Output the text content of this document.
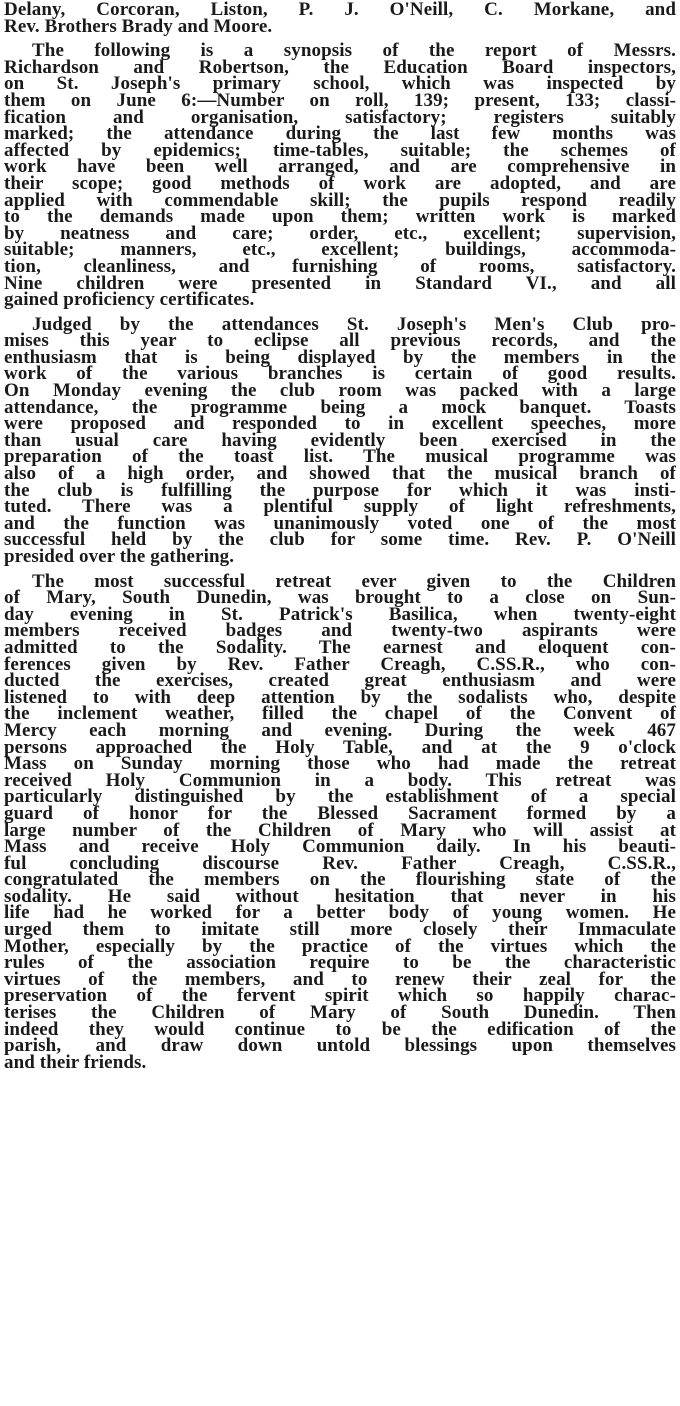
Delany, Corcoran, Liston, P. J. O'Neill, C. Morkane, and
Rev. Brothers Brady and Moore.
The following is a synopsis of the report of Messrs.
Richardson and Robertson, the Education Board inspectors,
on St. Joseph's primary school, which was inspected by
them on June 6:—Number on roll, 139; present, 133; classi-
fication and organisation, satisfactory; registers suitably
marked; the attendance during the last few months was
affected by epidemics; time-tables, suitable; the schemes of
work have been well arranged, and are comprehensive in
their scope; good methods of work are adopted, and are
applied with commendable skill; the pupils respond readily
to the demands made upon them; written work is marked
by neatness and care; order, etc., excellent; supervision,
suitable; manners, etc., excellent; buildings, accommoda-
tion, cleanliness, and furnishing of rooms, satisfactory.
Nine children were presented in Standard VI., and all
gained proficiency certificates.
Judged by the attendances St. Joseph's Men's Club pro-
mises this year to eclipse all previous records, and the
enthusiasm that is being displayed by the members in the
work of the various branches is certain of good results.
On Monday evening the club room was packed with a large
attendance, the programme being a mock banquet. Toasts
were proposed and responded to in excellent speeches, more
than usual care having evidently been exercised in the
preparation of the toast list. The musical programme was
also of a high order, and showed that the musical branch of
the club is fulfilling the purpose for which it was insti-
tuted. There was a plentiful supply of light refreshments,
and the function was unanimously voted one of the most
successful held by the club for some time. Rev. P. O'Neill
presided over the gathering.
The most successful retreat ever given to the Children
of Mary, South Dunedin, was brought to a close on Sun-
day evening in St. Patrick's Basilica, when twenty-eight
members received badges and twenty-two aspirants were
admitted to the Sodality. The earnest and eloquent con-
ferences given by Rev. Father Creagh, C.SS.R., who con-
ducted the exercises, created great enthusiasm and were
listened to with deep attention by the sodalists who, despite
the inclement weather, filled the chapel of the Convent of
Mercy each morning and evening. During the week 467
persons approached the Holy Table, and at the 9 o'clock
Mass on Sunday morning those who had made the retreat
received Holy Communion in a body. This retreat was
particularly distinguished by the establishment of a special
guard of honor for the Blessed Sacrament formed by a
large number of the Children of Mary who will assist at
Mass and receive Holy Communion daily. In his beauti-
ful concluding discourse Rev. Father Creagh, C.SS.R.,
congratulated the members on the flourishing state of the
sodality. He said without hesitation that never in his
life had he worked for a better body of young women. He
urged them to imitate still more closely their Immaculate
Mother, especially by the practice of the virtues which the
rules of the association require to be the characteristic
virtues of the members, and to renew their zeal for the
preservation of the fervent spirit which so happily charac-
terises the Children of Mary of South Dunedin. Then
indeed they would continue to be the edification of the
parish, and draw down untold blessings upon themselves
and their friends.
